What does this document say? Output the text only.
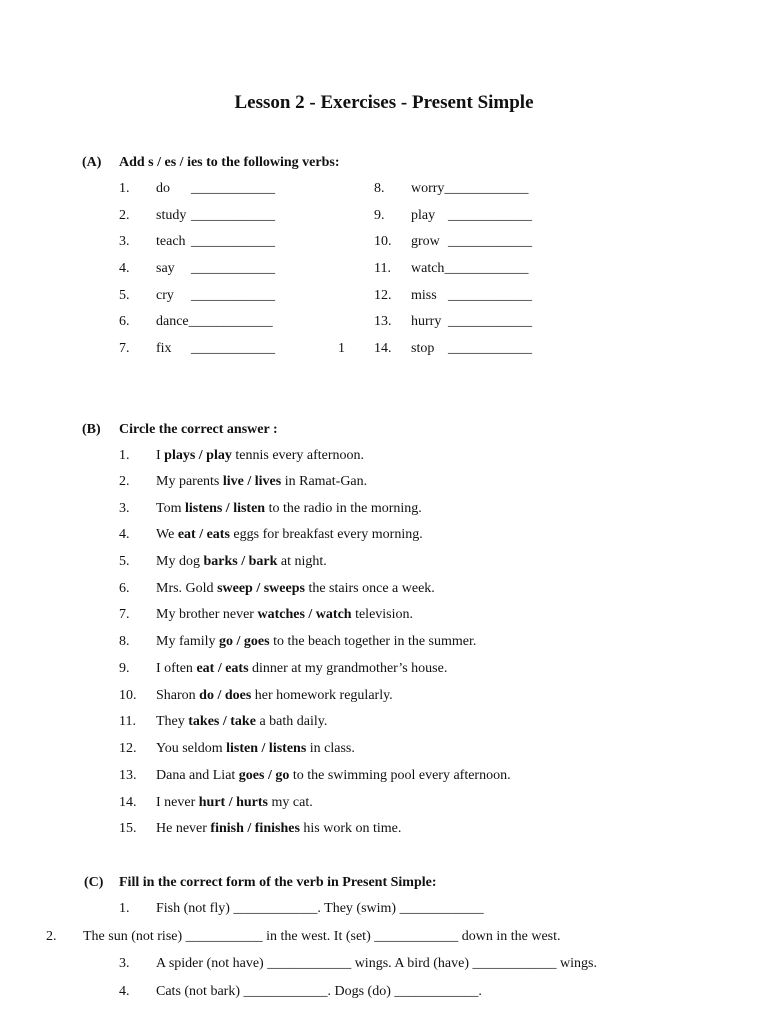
Lesson 2 - Exercises - Present Simple
(A) Add s / es / ies to the following verbs:
1. do ____________
2. study ____________
3. teach ____________
4. say ____________
5. cry ____________
6. dance____________
7. fix ____________	1
8. worry____________
9. play ____________
10. grow ____________
11. watch____________
12. miss ____________
13. hurry ____________
14. stop ____________
(B) Circle the correct answer :
1. I plays / play tennis every afternoon.
2. My parents live / lives in Ramat-Gan.
3. Tom listens / listen to the radio in the morning.
4. We eat / eats eggs for breakfast every morning.
5. My dog barks / bark at night.
6. Mrs. Gold sweep / sweeps the stairs once a week.
7. My brother never watches / watch television.
8. My family go / goes to the beach together in the summer.
9. I often eat / eats dinner at my grandmother’s house.
10. Sharon do / does her homework regularly.
11. They takes / take a bath daily.
12. You seldom listen / listens in class.
13. Dana and Liat goes / go to the swimming pool every afternoon.
14. I never hurt / hurts my cat.
15. He never finish / finishes his work on time.
(C) Fill in the correct form of the verb in Present Simple:
1. Fish (not fly) ____________. They (swim) ____________
2. The sun (not rise) ___________ in the west. It (set) ____________ down in the west.
3. A spider (not have) ____________ wings. A bird (have) ____________ wings.
4. Cats (not bark) ____________. Dogs (do) ____________.
